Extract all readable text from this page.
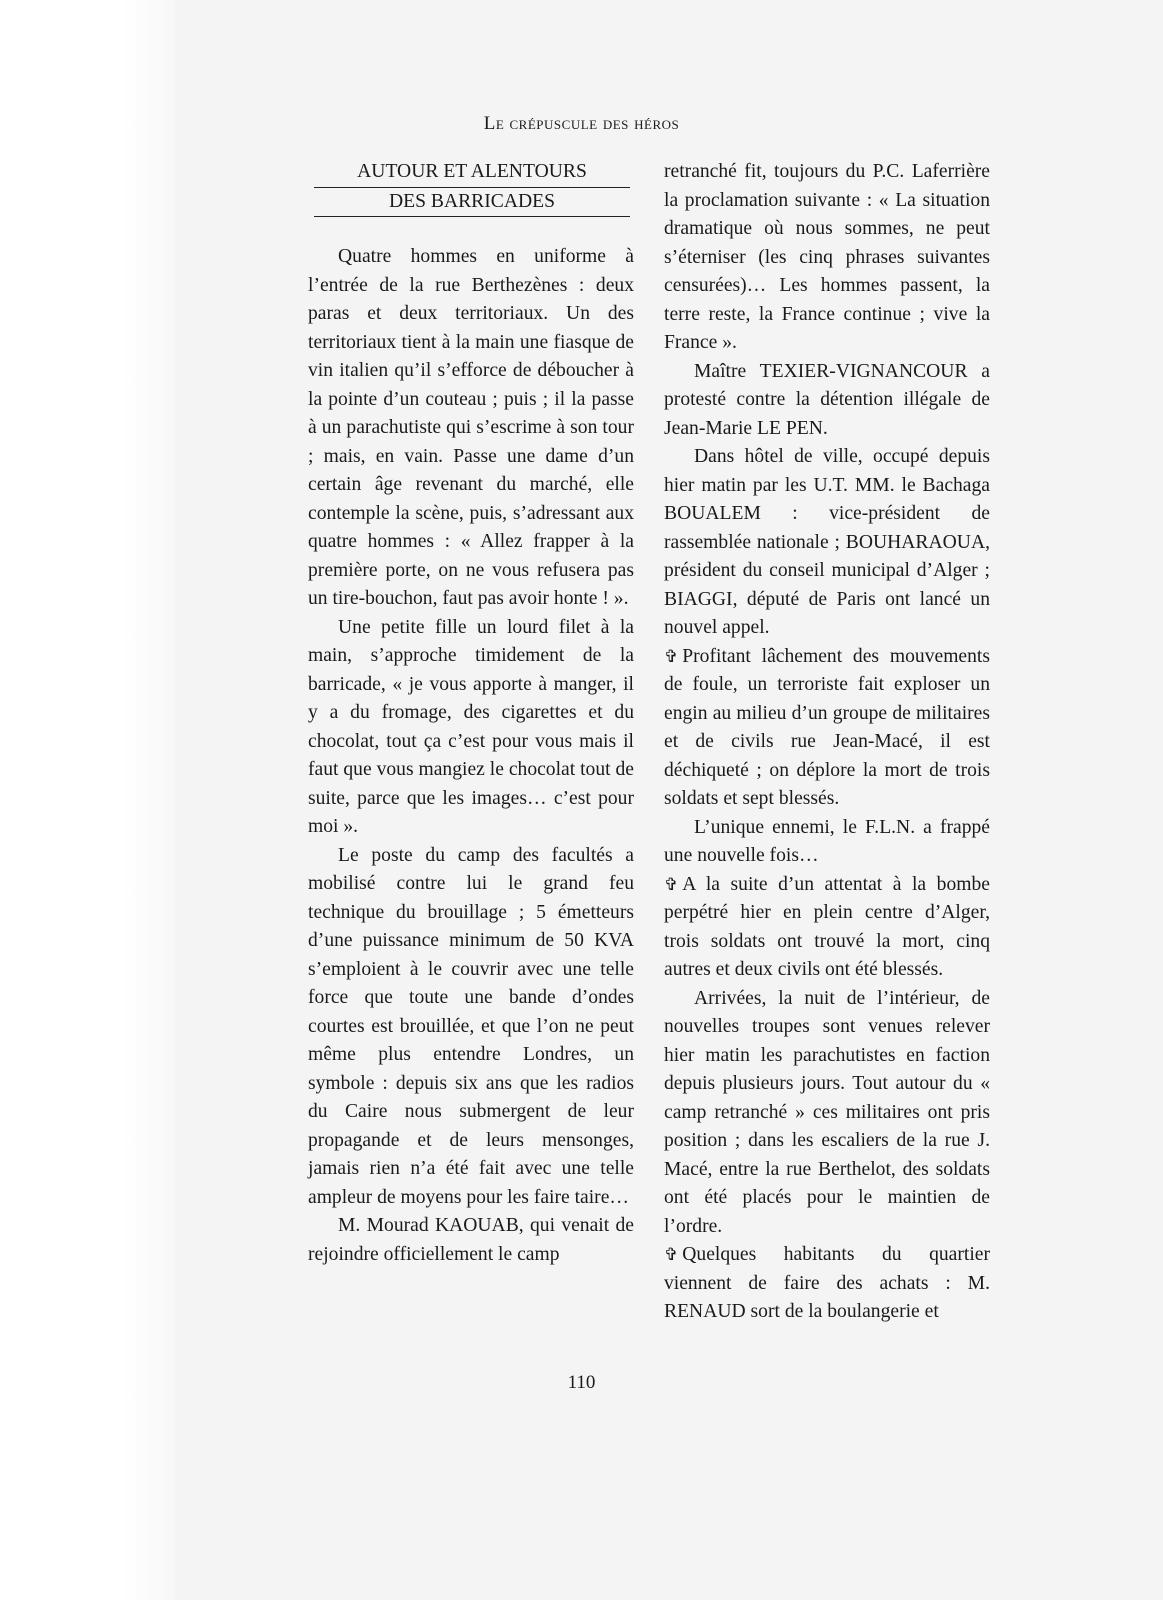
Le crépuscule des héros
AUTOUR ET ALENTOURS
DES BARRICADES

Quatre hommes en uniforme à l’entrée de la rue Berthezènes : deux paras et deux territoriaux. Un des territoriaux tient à la main une fiasque de vin italien qu’il s’efforce de déboucher à la pointe d’un couteau ; puis ; il la passe à un parachutiste qui s’escrime à son tour ; mais, en vain. Passe une dame d’un certain âge revenant du marché, elle contemple la scène, puis, s’adressant aux quatre hommes : « Allez frapper à la première porte, on ne vous refusera pas un tire-bouchon, faut pas avoir honte ! ».

Une petite fille un lourd filet à la main, s’approche timidement de la barricade, « je vous apporte à manger, il y a du fromage, des cigarettes et du chocolat, tout ça c’est pour vous mais il faut que vous mangiez le chocolat tout de suite, parce que les images… c’est pour moi ».

Le poste du camp des facultés a mobilisé contre lui le grand feu technique du brouillage ; 5 émetteurs d’une puissance minimum de 50 KVA s’emploient à le couvrir avec une telle force que toute une bande d’ondes courtes est brouillée, et que l’on ne peut même plus entendre Londres, un symbole : depuis six ans que les radios du Caire nous submergent de leur propagande et de leurs mensonges, jamais rien n’a été fait avec une telle ampleur de moyens pour les faire taire…

M. Mourad KAOUAB, qui venait de rejoindre officiellement le camp

retranché fit, toujours du P.C. Laferrière la proclamation suivante : « La situation dramatique où nous sommes, ne peut s’éterniser (les cinq phrases suivantes censurées)… Les hommes passent, la terre reste, la France continue ; vive la France ».

Maître TEXIER-VIGNANCOUR a protesté contre la détention illégale de Jean-Marie LE PEN.

Dans hôtel de ville, occupé depuis hier matin par les U.T. MM. le Bachaga BOUALEM : vice-président de rassemblée nationale ; BOUHARAOUA, président du conseil municipal d’Alger ; BIAGGI, député de Paris ont lancé un nouvel appel.

✞ Profitant lâchement des mouvements de foule, un terroriste fait exploser un engin au milieu d’un groupe de militaires et de civils rue Jean-Macé, il est déchiqueté ; on déplore la mort de trois soldats et sept blessés.

L’unique ennemi, le F.L.N. a frappé une nouvelle fois…

✞ A la suite d’un attentat à la bombe perpétré hier en plein centre d’Alger, trois soldats ont trouvé la mort, cinq autres et deux civils ont été blessés.

Arrivées, la nuit de l’intérieur, de nouvelles troupes sont venues relever hier matin les parachutistes en faction depuis plusieurs jours. Tout autour du « camp retranché » ces militaires ont pris position ; dans les escaliers de la rue J. Macé, entre la rue Berthelot, des soldats ont été placés pour le maintien de l’ordre.

✞ Quelques habitants du quartier viennent de faire des achats : M. RENAUD sort de la boulangerie et

110
